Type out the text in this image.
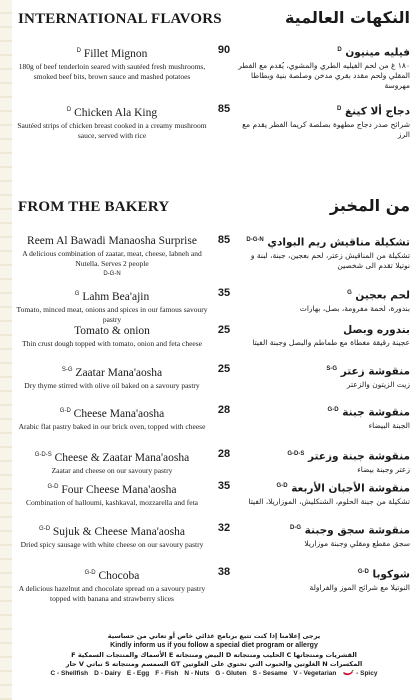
INTERNATIONAL FLAVORS	النكهات العالمية
$^D$ Fillet Mignon
180g of beef tenderloin seared with sautéed fresh mushrooms, smoked beef bits, brown sauce and mashed potatoes
90	فيليه مينيون $^D$
١٨٠ غ من لحم الفيليه الطري والمشوي، يُقدم مع الفطر المقلي ولحم مقدد بقري مدخن وصلصة بنية وبطاطا مهروسة
$^D$ Chicken Ala King
Sautéed strips of chicken breast cooked in a creamy mushroom sauce, served with rice
85	دجاج ألا كينغ $^D$
شرائح صدر دجاج مطهوة بصلصة كريما الفطر يقدم مع الرز
FROM THE BAKERY	من المخبز
Reem Al Bawadi Manaosha Surprise
A delicious combination of zaatar, meat, cheese, labneh and Nutella. Serves 2 people
$^{D-G-N}$
85	تشكيلة مناقيش ريم البوادي $^{D-G-N}$
تشكيلة من المناقيش زعتر، لحم بعجين، جبنة، لبنة و نوتيلا تقدم الى شخصين
$^G$ Lahm Bea'ajin
Tomato, minced meat, onions and spices in our famous savoury pastry
35	لحم بعجين $^G$
بندورة، لحمة مفرومة، بصل، بهارات
Tomato & onion
Thin crust dough topped with tomato, onion and feta cheese
25	بندوره وبصل
عجينة رقيقة مغطاة مع طماطم والبصل وجبنة الفيتا
$^{S-G}$ Zaatar Mana'aosha
Dry thyme stirred with olive oil baked on a savoury pastry
25	منقوشة زعتر $^{S-G}$
زيت الزيتون والزعتر
$^{G-D}$ Cheese Mana'aosha
Arabic flat pastry baked in our brick oven, topped with cheese
28	منقوشة جبنة $^{G-D}$
الجبنة البيضاء
$^{G-D-S}$ Cheese & Zaatar Mana'aosha
Zaatar and cheese on our savoury pastry
28	منقوشة جبنة وزعتر $^{G-D-S}$
زعتر وجبنة بيضاء
$^{G-D}$ Four Cheese Mana'aosha
Combination of halloumi, kashkaval, mozzarella and feta
35	منقوشة الأجبان الأربعة $^{G-D}$
تشكيلة من جبنة الحلوم، الشنكليش، الموزاريلا، الفيتا
$^{G-D}$ Sujuk & Cheese Mana'aosha
Dried spicy sausage with white cheese on our savoury pastry
32	منقوشة سجق وجبنة $^{D-G}$
سجق مقطع ومقلي وجبنة موزاريلا
$^{G-D}$ Chocoba
A delicious hazelnut and chocolate spread on a savoury pastry topped with banana and strawberry slices
38	شوكوبا $^{G-D}$
النوتيلا مع شرائح الموز والفراولة
يرجى إعلامنا إذا كنت تتبع برنامج غذائي خاص أو تعاني من حساسية
Kindly inform us if you follow a special diet program or allergy
القشريات ومنتجاتها C الحليب ومنتجاته D البيض ومنتجاته E الأسماك والمنتجات السمكية F
المكسرات N الغلوتين والحبوب التي تحتوي على الغلوتين GT السمسم ومنتجاته S نباتي V حار
C - Shellfish D - Dairy E - Egg F - Fish N - Nuts G - Gluten S - Sesame V - Vegetarian	- Spicy
